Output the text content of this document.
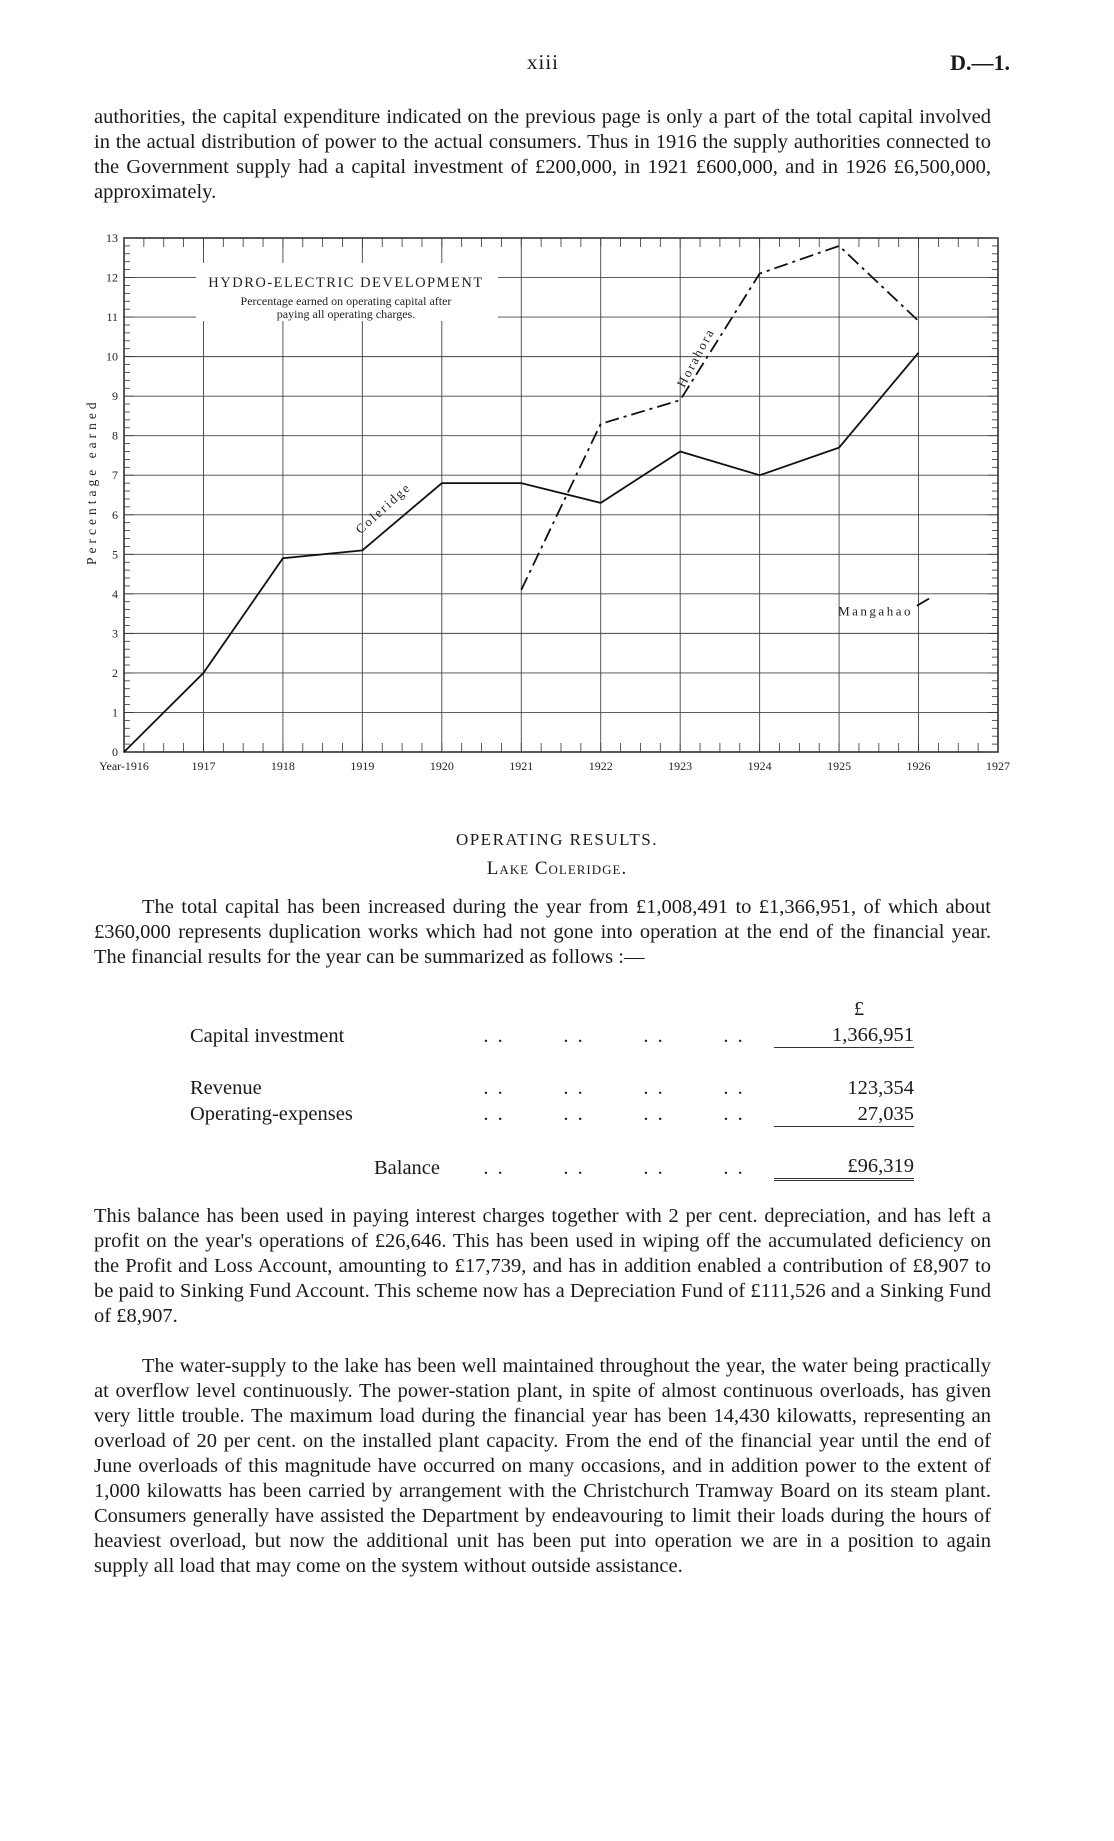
xiii	D.—1.

authorities, the capital expenditure indicated on the previous page is only a part of the total capital involved in the actual distribution of power to the actual consumers. Thus in 1916 the supply authorities connected to the Government supply had a capital investment of £200,000, in 1921 £600,000, and in 1926 £6,500,000, approximately.

0
1
2
3
4
5
6
7
8
9
10
11
12
13
Year-1916	1917	1918	1919	1920	1921	1922	1923	1924	1925	1926	1927
Coleridge
Horahora
Mangahao
HYDRO-ELECTRIC DEVELOPMENT
Percentage earned on operating capital after
paying all operating charges.
Percentage earned
OPERATING RESULTS.
Lake Coleridge.

The total capital has been increased during the year from £1,008,491 to £1,366,951, of which about £360,000 represents duplication works which had not gone into operation at the end of the financial year. The financial results for the year can be summarized as follows :—

					£
Capital investment	. .	. .	. .	. .	1,366,951

Revenue	. .	. .	. .	. .	123,354
Operating-expenses	. .	. .	. .	. .	27,035

Balance	. .	. .	. .	. .	£96,319

This balance has been used in paying interest charges together with 2 per cent. depreciation, and has left a profit on the year's operations of £26,646. This has been used in wiping off the accumulated deficiency on the Profit and Loss Account, amounting to £17,739, and has in addition enabled a contribution of £8,907 to be paid to Sinking Fund Account. This scheme now has a Depreciation Fund of £111,526 and a Sinking Fund of £8,907.

The water-supply to the lake has been well maintained throughout the year, the water being practically at overflow level continuously. The power-station plant, in spite of almost continuous overloads, has given very little trouble. The maximum load during the financial year has been 14,430 kilowatts, representing an overload of 20 per cent. on the installed plant capacity. From the end of the financial year until the end of June overloads of this magnitude have occurred on many occasions, and in addition power to the extent of 1,000 kilowatts has been carried by arrangement with the Christchurch Tramway Board on its steam plant. Consumers generally have assisted the Department by endeavouring to limit their loads during the hours of heaviest overload, but now the additional unit has been put into operation we are in a position to again supply all load that may come on the system without outside assistance.
